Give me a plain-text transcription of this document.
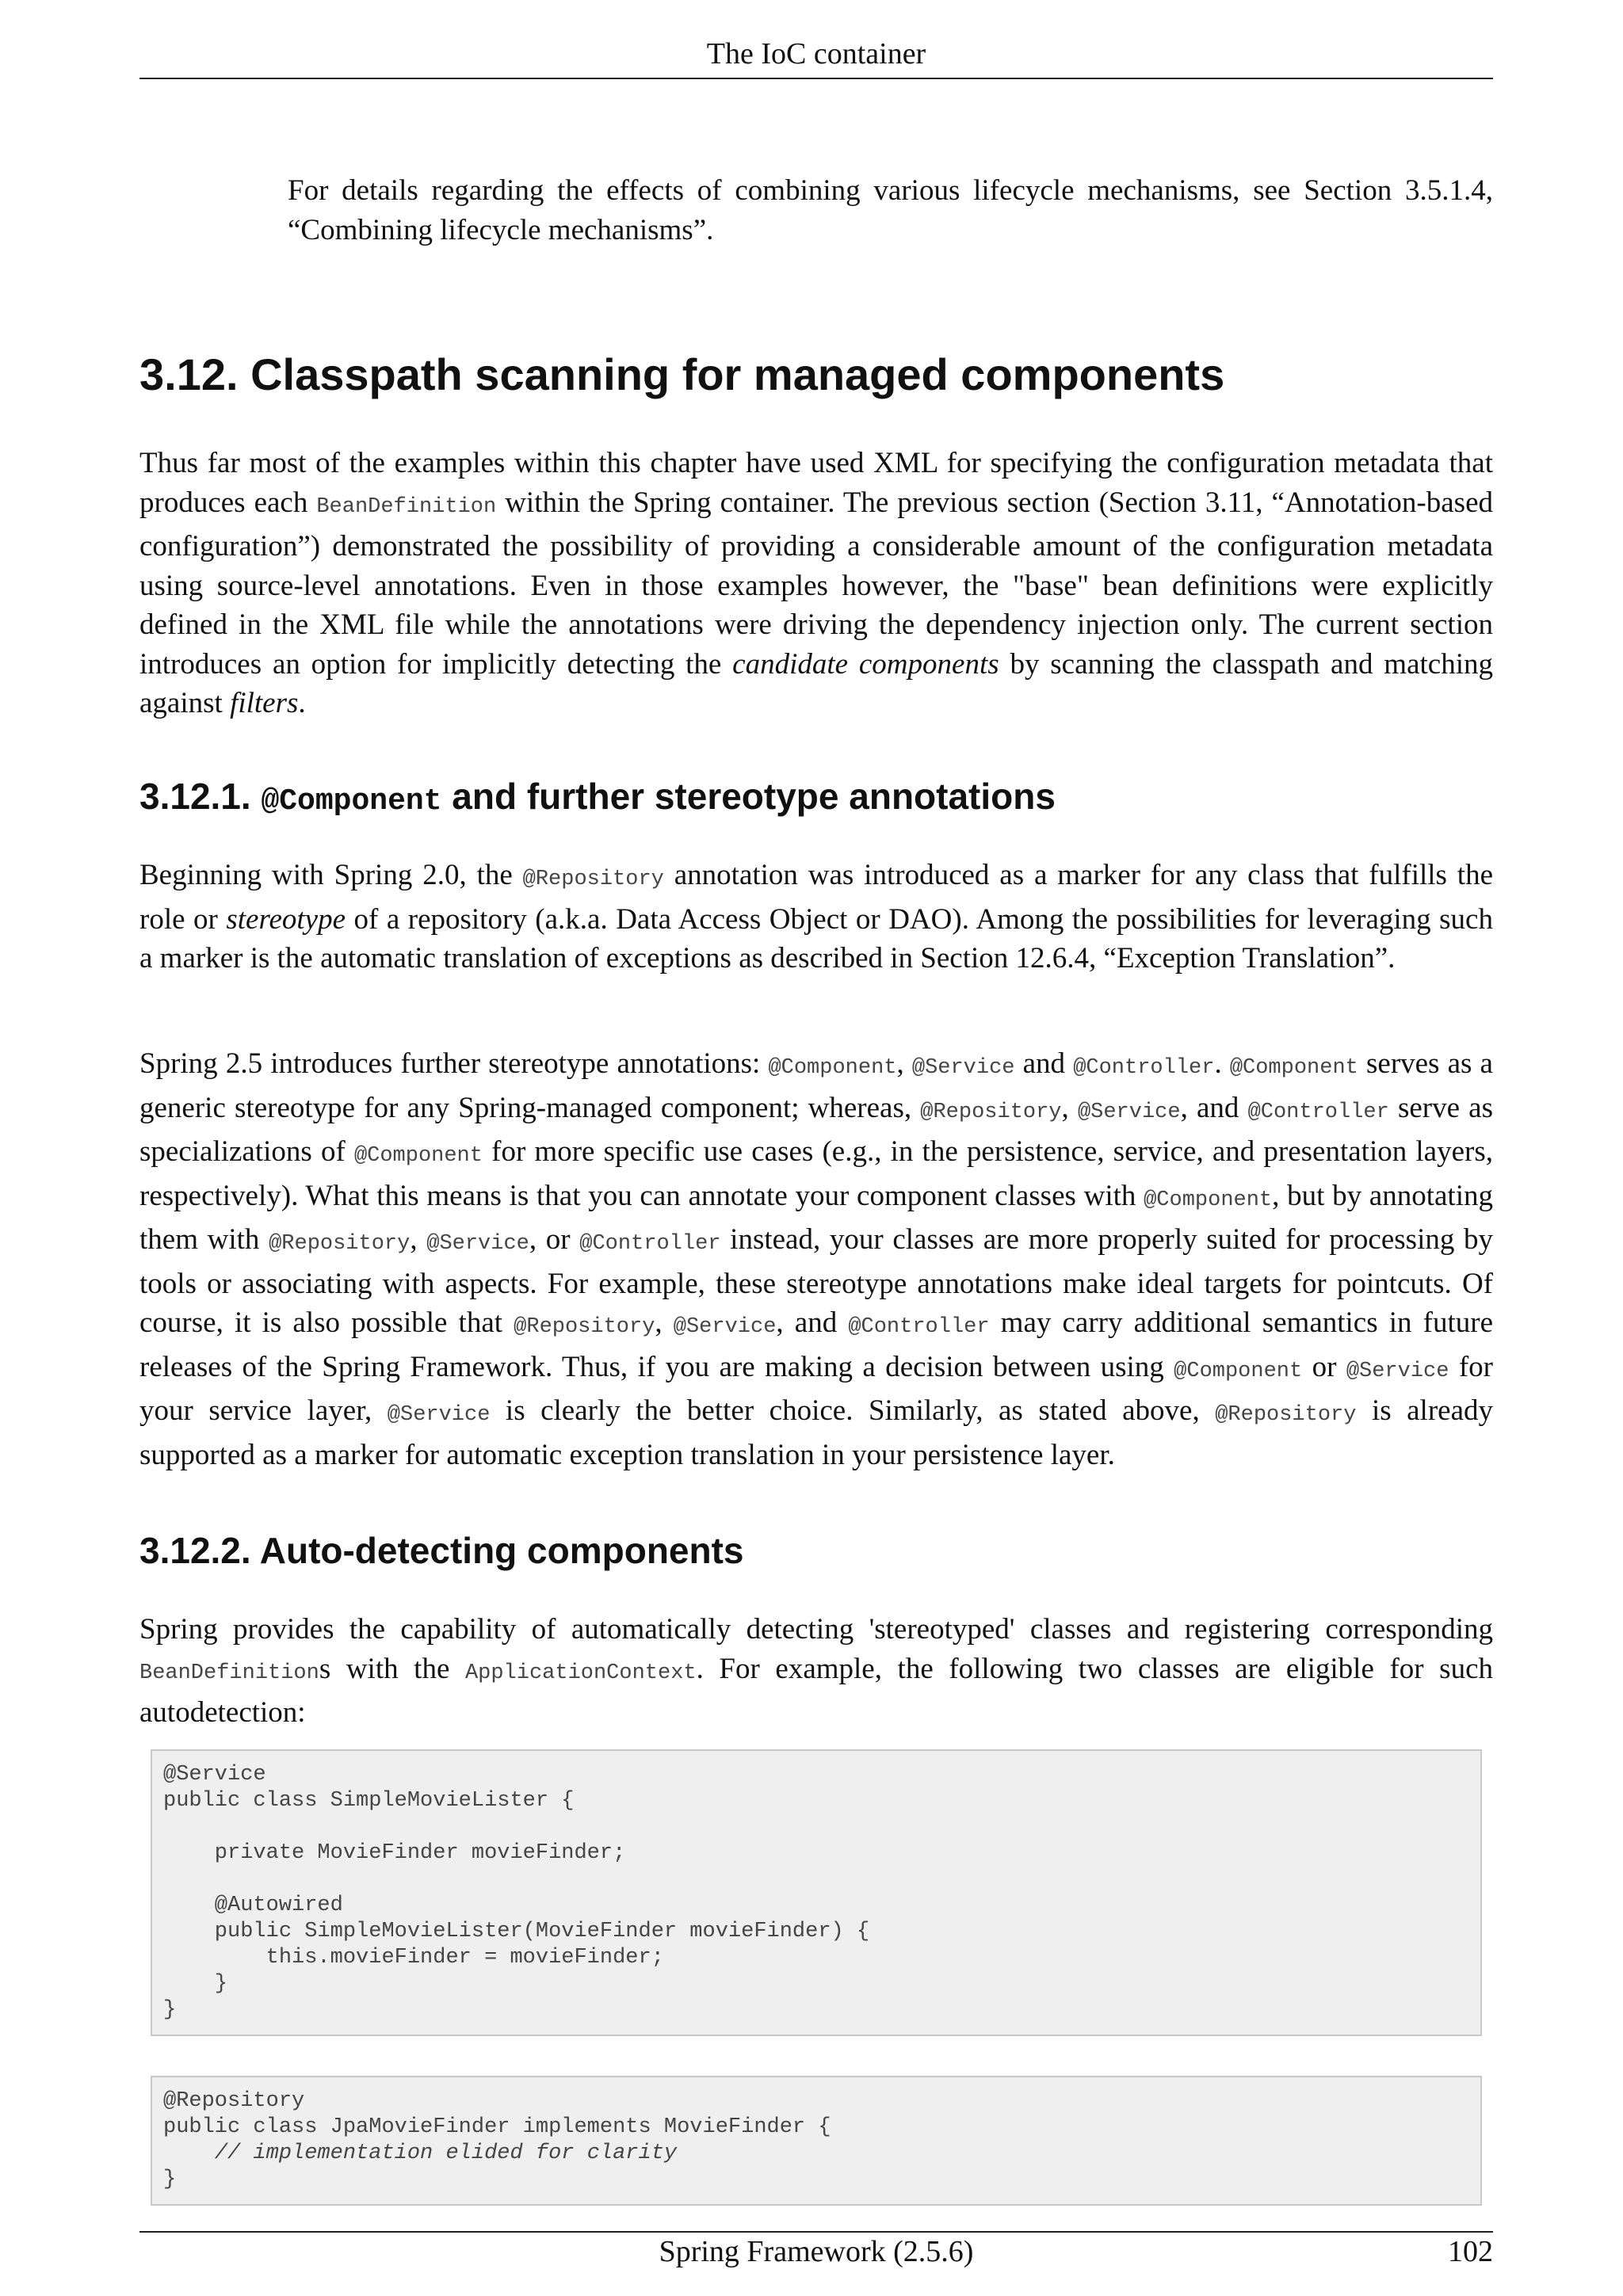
The IoC container
For details regarding the effects of combining various lifecycle mechanisms, see Section 3.5.1.4, “Combining lifecycle mechanisms”.
3.12. Classpath scanning for managed components
Thus far most of the examples within this chapter have used XML for specifying the configuration metadata that produces each BeanDefinition within the Spring container. The previous section (Section 3.11, “Annotation-based configuration”) demonstrated the possibility of providing a considerable amount of the configuration metadata using source-level annotations. Even in those examples however, the "base" bean definitions were explicitly defined in the XML file while the annotations were driving the dependency injection only. The current section introduces an option for implicitly detecting the candidate components by scanning the classpath and matching against filters.
3.12.1. @Component and further stereotype annotations
Beginning with Spring 2.0, the @Repository annotation was introduced as a marker for any class that fulfills the role or stereotype of a repository (a.k.a. Data Access Object or DAO). Among the possibilities for leveraging such a marker is the automatic translation of exceptions as described in Section 12.6.4, “Exception Translation”.
Spring 2.5 introduces further stereotype annotations: @Component, @Service and @Controller. @Component serves as a generic stereotype for any Spring-managed component; whereas, @Repository, @Service, and @Controller serve as specializations of @Component for more specific use cases (e.g., in the persistence, service, and presentation layers, respectively). What this means is that you can annotate your component classes with @Component, but by annotating them with @Repository, @Service, or @Controller instead, your classes are more properly suited for processing by tools or associating with aspects. For example, these stereotype annotations make ideal targets for pointcuts. Of course, it is also possible that @Repository, @Service, and @Controller may carry additional semantics in future releases of the Spring Framework. Thus, if you are making a decision between using @Component or @Service for your service layer, @Service is clearly the better choice. Similarly, as stated above, @Repository is already supported as a marker for automatic exception translation in your persistence layer.
3.12.2. Auto-detecting components
Spring provides the capability of automatically detecting 'stereotyped' classes and registering corresponding BeanDefinitions with the ApplicationContext. For example, the following two classes are eligible for such autodetection:
@Service
public class SimpleMovieLister {

private MovieFinder movieFinder;

@Autowired
public SimpleMovieLister(MovieFinder movieFinder) {
this.movieFinder = movieFinder;
}
}
@Repository
public class JpaMovieFinder implements MovieFinder {
// implementation elided for clarity
}
Spring Framework (2.5.6)	102
